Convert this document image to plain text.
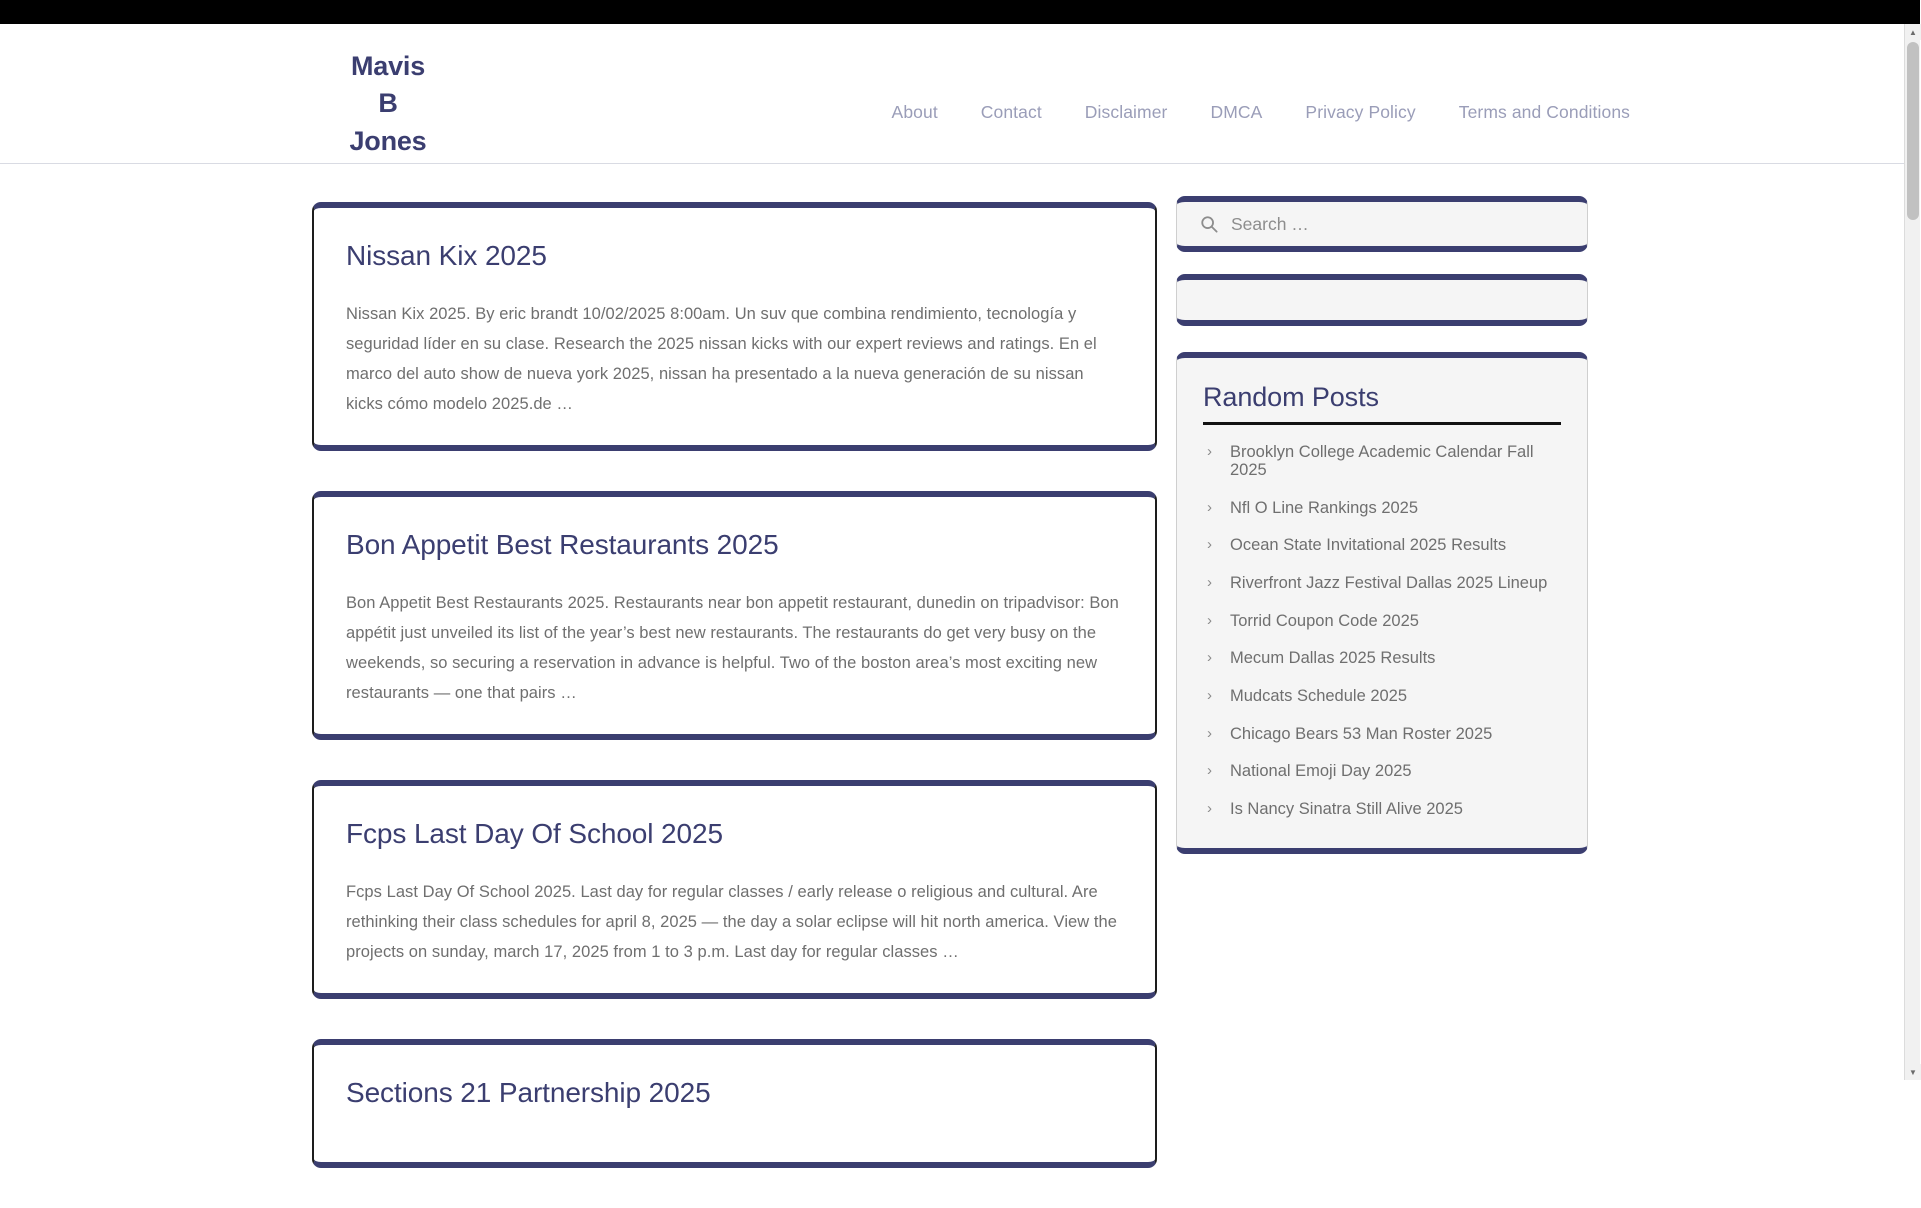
Mavis
B
Jones
About Contact Disclaimer DMCA Privacy Policy Terms and Conditions
Nissan Kix 2025

Nissan Kix 2025. By eric brandt 10/02/2025 8:00am. Un suv que combina rendimiento, tecnología y seguridad líder en su clase. Research the 2025 nissan kicks with our expert reviews and ratings. En el marco del auto show de nueva york 2025, nissan ha presentado a la nueva generación de su nissan kicks cómo modelo 2025.de …

Bon Appetit Best Restaurants 2025

Bon Appetit Best Restaurants 2025. Restaurants near bon appetit restaurant, dunedin on tripadvisor: Bon appétit just unveiled its list of the year’s best new restaurants. The restaurants do get very busy on the weekends, so securing a reservation in advance is helpful. Two of the boston area’s most exciting new restaurants — one that pairs …

Fcps Last Day Of School 2025

Fcps Last Day Of School 2025. Last day for regular classes / early release o religious and cultural. Are rethinking their class schedules for april 8, 2025 — the day a solar eclipse will hit north america. View the projects on sunday, march 17, 2025 from 1 to 3 p.m. Last day for regular classes …

Sections 21 Partnership 2025
Search …
Random Posts
› Brooklyn College Academic Calendar Fall 2025
› Nfl O Line Rankings 2025
› Ocean State Invitational 2025 Results
› Riverfront Jazz Festival Dallas 2025 Lineup
› Torrid Coupon Code 2025
› Mecum Dallas 2025 Results
› Mudcats Schedule 2025
› Chicago Bears 53 Man Roster 2025
› National Emoji Day 2025
› Is Nancy Sinatra Still Alive 2025
▲
▼
